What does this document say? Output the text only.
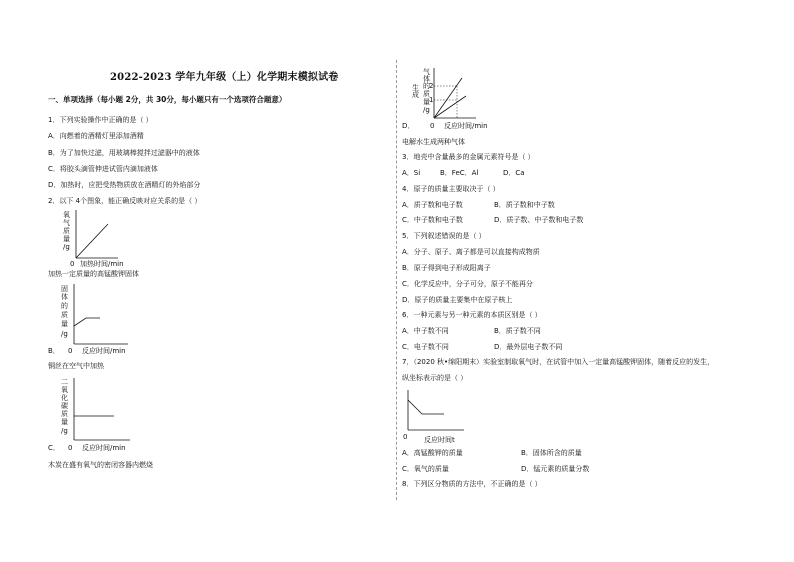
2022-2023 学年九年级（上）化学期末模拟试卷
一、单项选择（每小题 2分，共 30分，每小题只有一个选项符合题意）
1．下列实验操作中正确的是（ ）
A．向燃着的酒精灯里添加酒精
B．为了加快过滤，用玻璃棒搅拌过滤器中的液体
C．将胶头滴管伸进试管内滴加液体
D．加热时，应把受热物质放在酒精灯的外焰部分
2．以下 4个图象，能正确反映对应关系的是（ ）
氧
气
质
量
/g
0 加热时间/min
加热一定质量的高锰酸钾固体
固
体
的
质
量
/g
B． 0 反应时间/min
铜丝在空气中加热
二
氧
化
碳
质
量
/g
C． 0 反应时间/min
木炭在盛有氧气的密闭容器内燃烧
气
体
的
生
成 质
量
/g
2
1
D． 0 反应时间/min
电解水生成两种气体
3．地壳中含量最多的金属元素符号是（ ）
A．Si	B．FeC．Al	D．Ca
4．原子的质量主要取决于（ ）
A．质子数和电子数	B．质子数和中子数
C．中子数和电子数	D．质子数、中子数和电子数
5．下列叙述错误的是（ ）
A．分子、原子、离子都是可以直接构成物质
B．原子得到电子形成阳离子
C．化学反应中，分子可分，原子不能再分
D．原子的质量主要集中在原子核上
6．一种元素与另一种元素的本质区别是（ ）
A．中子数不同	B．质子数不同
C．电子数不同	D．最外层电子数不同
7．（2020 秋•绵阳期末）实验室制取氧气时，在试管中加入一定量高锰酸钾固体，随着反应的发生，
纵坐标表示的是（ ）
0 反应时间t
A．高锰酸钾的质量	B．固体所含的质量
C．氧气的质量	D．锰元素的质量分数
8．下列区分物质的方法中，不正确的是（ ）
